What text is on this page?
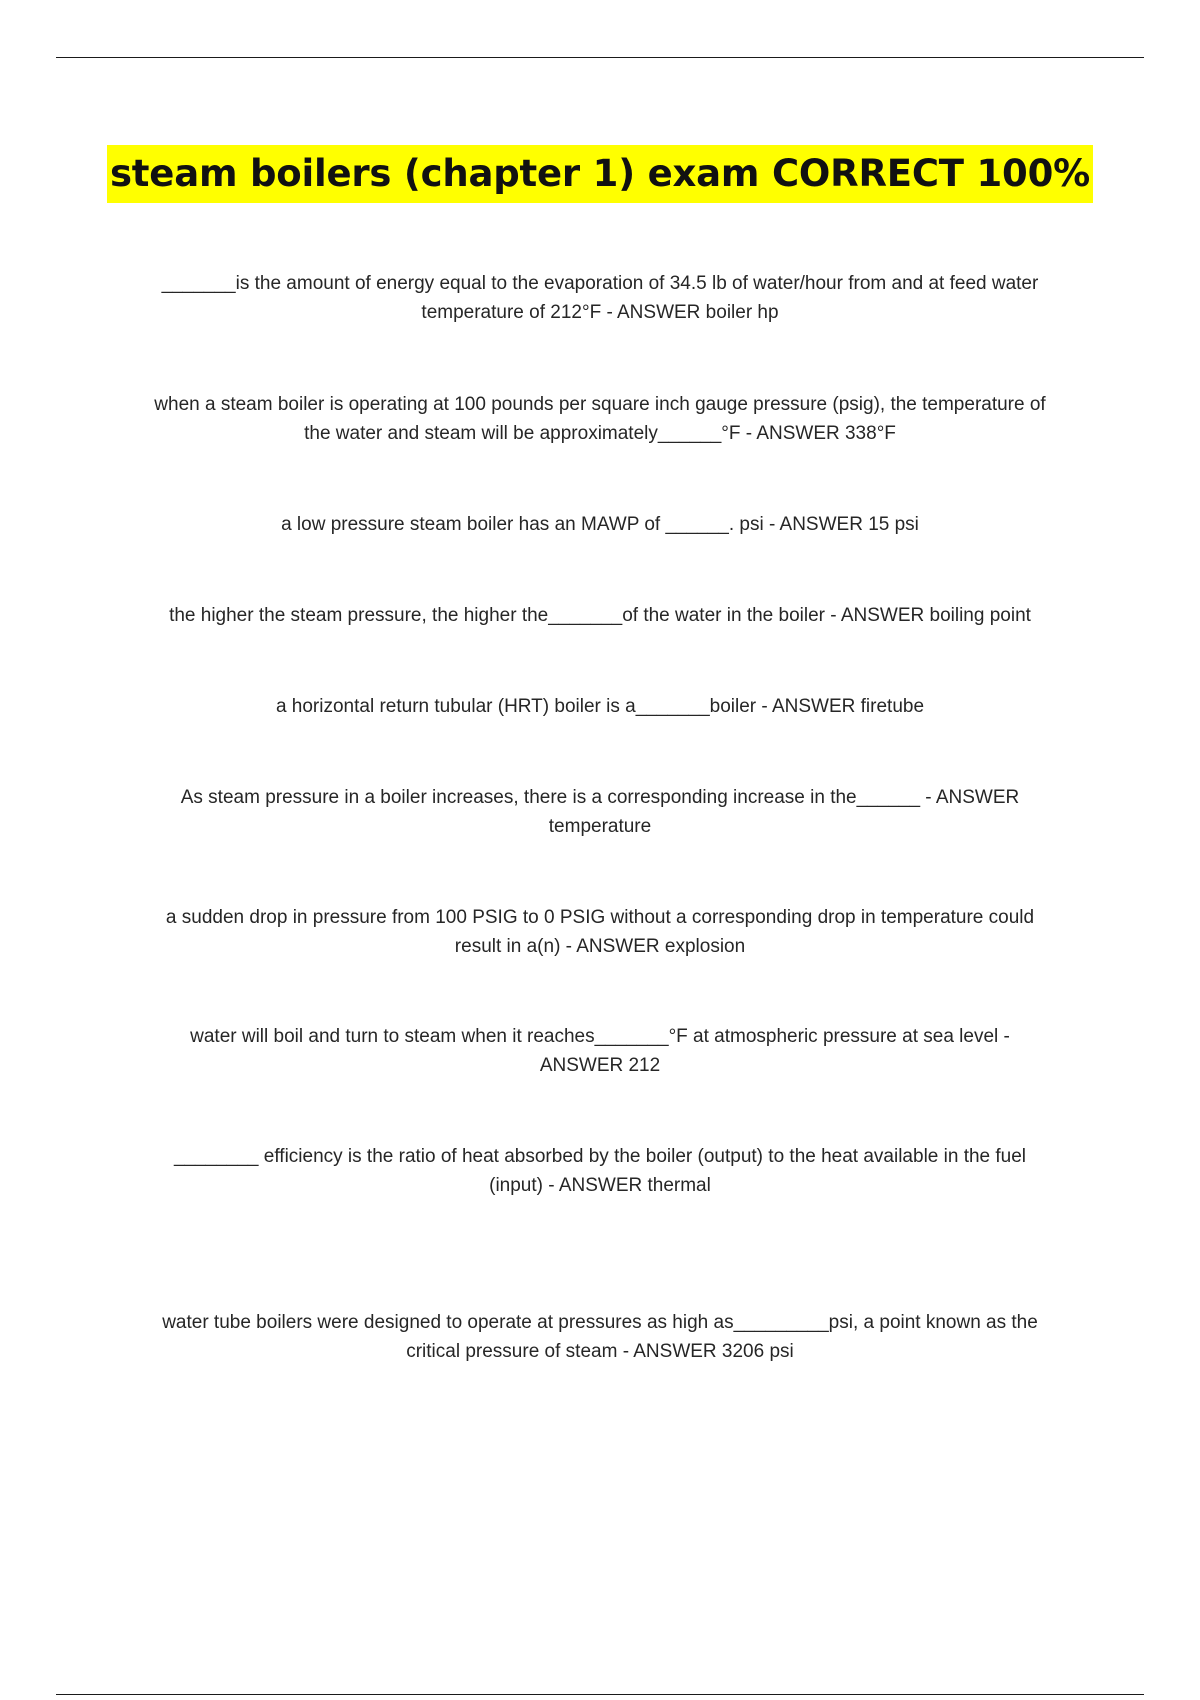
steam boilers (chapter 1) exam CORRECT 100%

_______is the amount of energy equal to the evaporation of 34.5 lb of water/hour from and at feed water temperature of 212°F - ANSWER boiler hp

when a steam boiler is operating at 100 pounds per square inch gauge pressure (psig), the temperature of the water and steam will be approximately______°F - ANSWER 338°F

a low pressure steam boiler has an MAWP of ______. psi - ANSWER 15 psi

the higher the steam pressure, the higher the_______of the water in the boiler - ANSWER boiling point

a horizontal return tubular (HRT) boiler is a_______boiler - ANSWER firetube

As steam pressure in a boiler increases, there is a corresponding increase in the______ - ANSWER temperature

a sudden drop in pressure from 100 PSIG to 0 PSIG without a corresponding drop in temperature could result in a(n) - ANSWER explosion

water will boil and turn to steam when it reaches_______°F at atmospheric pressure at sea level - ANSWER 212

________ efficiency is the ratio of heat absorbed by the boiler (output) to the heat available in the fuel (input) - ANSWER thermal

water tube boilers were designed to operate at pressures as high as_________psi, a point known as the critical pressure of steam - ANSWER 3206 psi
